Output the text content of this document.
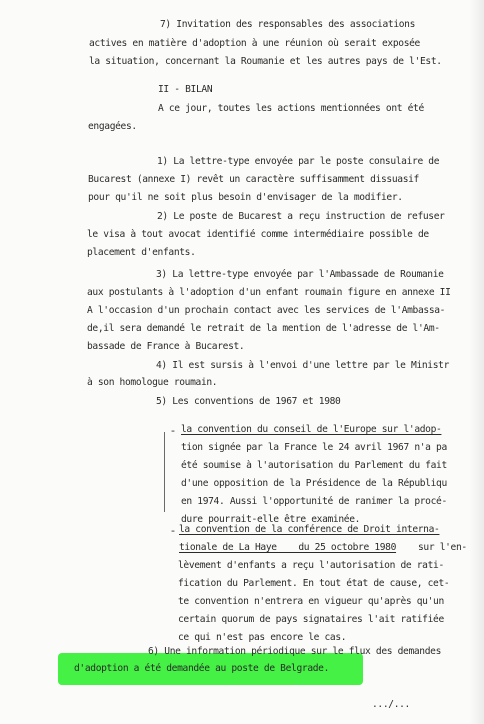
7) Invitation des responsables des associations
actives en matière d'adoption à une réunion où serait exposée
la situation, concernant la Roumanie et les autres pays de l'Est.
II - BILAN
A ce jour, toutes les actions mentionnées ont été
engagées.
1) La lettre-type envoyée par le poste consulaire de
Bucarest (annexe I) revêt un caractère suffisamment dissuasif
pour qu'il ne soit plus besoin d'envisager de la modifier.
2) Le poste de Bucarest a reçu instruction de refuser
le visa à tout avocat identifié comme intermédiaire possible de
placement d'enfants.
3) La lettre-type envoyée par l'Ambassade de Roumanie
aux postulants à l'adoption d'un enfant roumain figure en annexe II
A l'occasion d'un prochain contact avec les services de l'Ambassa-
de,il sera demandé le retrait de la mention de l'adresse de l'Am-
bassade de France à Bucarest.
4) Il est sursis à l'envoi d'une lettre par le Ministr
à son homologue roumain.
5) Les conventions de 1967 et 1980
- la convention du conseil de l'Europe sur l'adop-
tion signée par la France le 24 avril 1967 n'a pa
été soumise à l'autorisation du Parlement du fait
d'une opposition de la Présidence de la Républiqu
en 1974. Aussi l'opportunité de ranimer la procé-
dure pourrait-elle être examinée.
- la convention de la conférence de Droit interna-
tionale de La Haye    du 25 octobre 1980 sur l'en-
lèvement d'enfants a reçu l'autorisation de rati-
fication du Parlement. En tout état de cause, cet-
te convention n'entrera en vigueur qu'après qu'un
certain quorum de pays signataires l'ait ratifiée
ce qui n'est pas encore le cas.
6) Une information périodique sur le flux des demandes
d'adoption a été demandée au poste de Belgrade.
.../...
